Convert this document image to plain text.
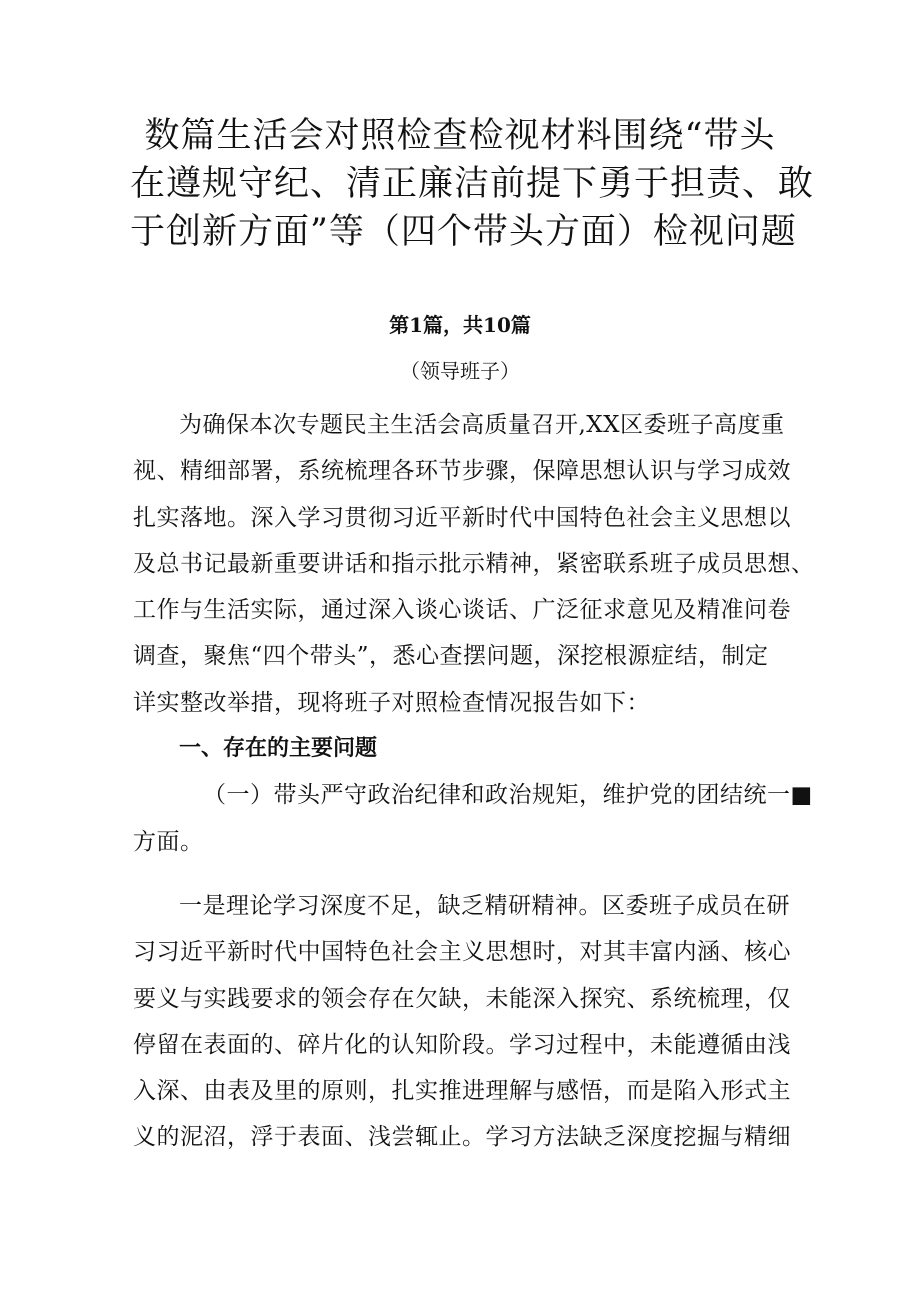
数篇生活会对照检查检视材料围绕“带头
在遵规守纪、清正廉洁前提下勇于担责、敢
于创新方面”等（四个带头方面）检视问题
第1篇，共10篇
（领导班子）
为确保本次专题民主生活会高质量召开,XX区委班子高度重
视、精细部署，系统梳理各环节步骤，保障思想认识与学习成效
扎实落地。深入学习贯彻习近平新时代中国特色社会主义思想以
及总书记最新重要讲话和指示批示精神，紧密联系班子成员思想、
工作与生活实际，通过深入谈心谈话、广泛征求意见及精准问卷
调查，聚焦“四个带头”，悉心查摆问题，深挖根源症结，制定
详实整改举措，现将班子对照检查情况报告如下：
一、存在的主要问题
（一）带头严守政治纪律和政治规矩，维护党的团结统一■
方面。
一是理论学习深度不足，缺乏精研精神。区委班子成员在研
习习近平新时代中国特色社会主义思想时，对其丰富内涵、核心
要义与实践要求的领会存在欠缺，未能深入探究、系统梳理，仅
停留在表面的、碎片化的认知阶段。学习过程中，未能遵循由浅
入深、由表及里的原则，扎实推进理解与感悟，而是陷入形式主
义的泥沼，浮于表面、浅尝辄止。学习方法缺乏深度挖掘与精细
